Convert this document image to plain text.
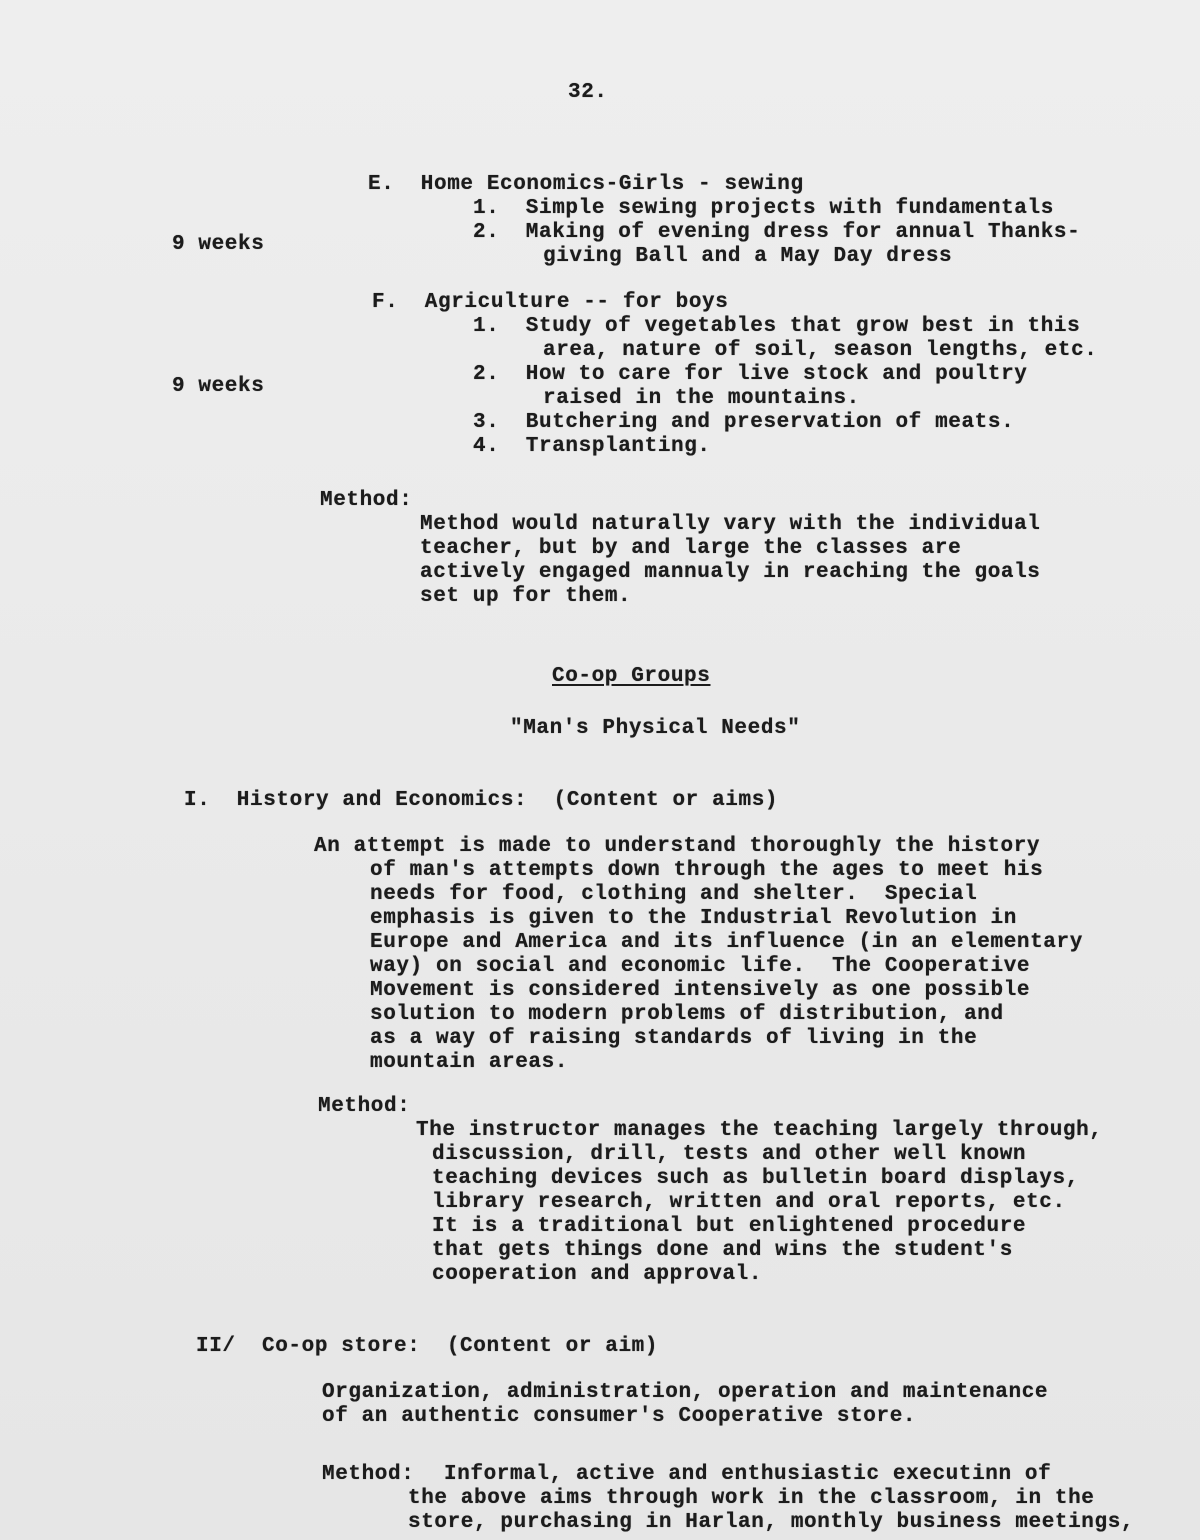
32.
E.  Home Economics-Girls - sewing
9 weeks
1.  Simple sewing projects with fundamentals
2.  Making of evening dress for annual Thanks-
giving Ball and a May Day dress
F.  Agriculture -- for boys
9 weeks
1.  Study of vegetables that grow best in this
area, nature of soil, season lengths, etc.
2.  How to care for live stock and poultry
raised in the mountains.
3.  Butchering and preservation of meats.
4.  Transplanting.
Method:
Method would naturally vary with the individual
teacher, but by and large the classes are
actively engaged mannualy in reaching the goals
set up for them.
Co-op Groups
"Man's Physical Needs"
I.  History and Economics:  (Content or aims)
An attempt is made to understand thoroughly the history
of man's attempts down through the ages to meet his
needs for food, clothing and shelter.  Special
emphasis is given to the Industrial Revolution in
Europe and America and its influence (in an elementary
way) on social and economic life.  The Cooperative
Movement is considered intensively as one possible
solution to modern problems of distribution, and
as a way of raising standards of living in the
mountain areas.
Method:
The instructor manages the teaching largely through,
discussion, drill, tests and other well known
teaching devices such as bulletin board displays,
library research, written and oral reports, etc.
It is a traditional but enlightened procedure
that gets things done and wins the student's
cooperation and approval.
II/  Co-op store:  (Content or aim)
Organization, administration, operation and maintenance
of an authentic consumer's Cooperative store.
Method: Informal, active and enthusiastic executinn of
the above aims through work in the classroom, in the
store, purchasing in Harlan, monthly business meetings,
